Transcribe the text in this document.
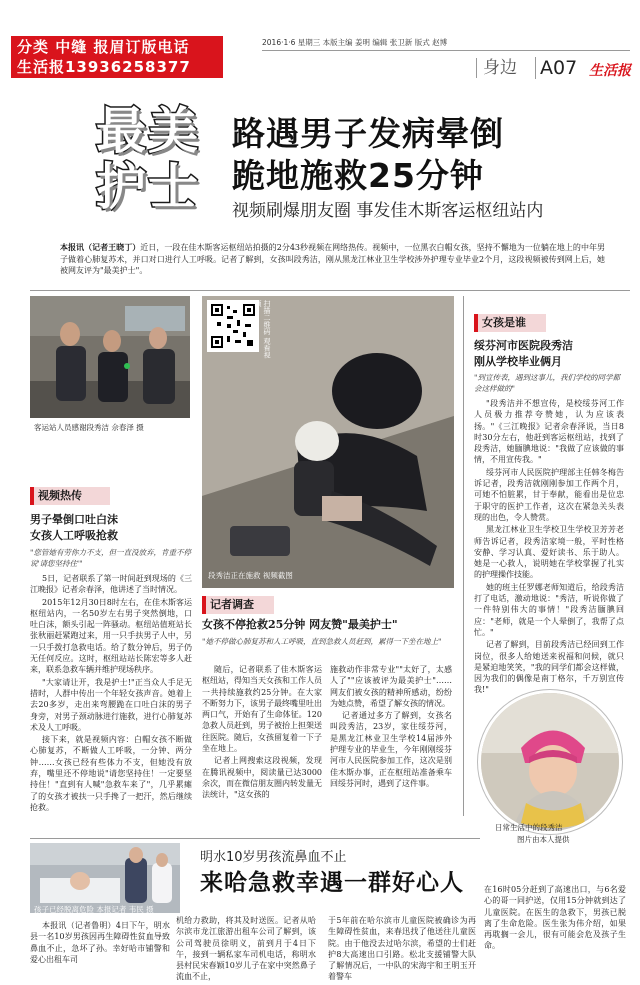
分类 中缝 报眉订版电话
生活报13936258377
2016·1·6 星期三 本版主编 姜明 编辑 张卫新 版式 赵博
身边 A07 生活报
最美护士
路遇男子发病晕倒
跪地施救25分钟
视频刷爆朋友圈 事发佳木斯客运枢纽站内
本报讯（记者王晓丁）近日，一段在佳木斯客运枢纽站拍摄的2分43秒视频在网络热传。视频中，一位黑衣白帽女孩，坚持不懈地为一位躺在地上的中年男子做着心肺复苏术，并口对口进行人工呼吸。记者了解到，女孩叫段秀洁，刚从黑龙江林业卫生学校涉外护理专业毕业2个月，这段视频被传到网上后，她被网友评为"最美护士"。
客运站人员感谢段秀洁 佘春泽 摄
视频热传
男子晕倒口吐白沫
女孩人工呼吸抢救
"您管她有劳你力不支，但一直没放弃，肯重不停说'请您坚持住'"

5日，记者联系了第一时间赶到现场的《三江晚报》记者佘春泽，他讲述了当时情况。

2015年12月30日8时左右，在佳木斯客运枢纽站内，一名50岁左右男子突然倒地，口吐白沫，额头引起一阵骚动。枢纽站值班站长张秋丽赶紧跑过来，用一只手扶男子人中，另一只手拨打急救电话。给了数分钟后，男子仍无任何反应。这时，枢纽站站长陈宏等多人赶来，联系急救车辆并维护现场秩序。

"大家请让开，我是护士!"正当众人手足无措时，人群中传出一个年轻女孩声音。她着上去20多岁，走出来弯腰跪在口吐白沫的男子身旁，对男子颈动脉进行施救，进行心肺复苏术及人工呼吸。

接下来，就是视频内容：白帽女孩不断做心肺复苏，不断做人工呼吸，一分钟、两分钟……女孩已经有些体力不支，但她没有放弃，嘴里还不停地说"请您坚持住！一定要坚持住！"直到有人喊"急救车来了"，几乎累瘫了的女孩才被扶一只手搀了一把汗，然后继续抢救。

扫描二维码 观看视频
段秀洁正在施救 视频截图
记者调查
女孩不停抢救25分钟 网友赞"最美护士"
"她不停做心肺复苏和人工呼吸，直到急救人员赶到，累得一下坐在地上"

随后，记者联系了佳木斯客运枢纽站，得知当天女孩和工作人员一共持续施救约25分钟。在大家不断努力下，该男子最终嘴里吐出两口气，开始有了生命体征。120急救人员赶到，男子被抬上担架送往医院。随后，女孩留复着一下子坐在地上。

记者上网搜索这段视频，发现在腾讯视频中，阅读量已达3000余次，而在微信朋友圈内转发量无法统计，"这女孩的

施救动作非常专业""太好了，太感人了""应该被评为最美护士"……网友们被女孩的精神所感动，纷纷为她点赞，希望了解女孩的情况。

记者通过多方了解到，女孩名叫段秀洁，23岁，家住绥芬河，是黑龙江林业卫生学校14届涉外护理专业的毕业生，今年刚刚绥芬河市人民医院参加工作，这次是别佳木斯办事，正在枢纽站准备乘车回绥芬河时，遇到了这件事。

女孩是谁
绥芬河市医院段秀洁
刚从学校毕业俩月
"到宣传表，遇到这事儿，我们学校的同学都会这样做的"

"段秀洁并不想宣传，是校绥芬河工作人员极力推荐夸赞她，认为应该表扬。"《三江晚报》记者佘春泽说，当日8时30分左右，他赶到客运枢纽站，找到了段秀洁，她腼腆地说："我做了应该做的事情，不用宣传我。"

绥芬河市人民医院护理部主任韩冬梅告诉记者，段秀洁就刚刚参加工作两个月，可她不怕脏累，甘于奉献，能看出是位忠于职守的医护工作者，这次在紧急关头表现的出色，令人赞赏。

黑龙江林业卫生学校卫生学校卫芳芳老师告诉记者，段秀洁家境一般，平时性格安静、学习认真、爱好读书、乐于助人。她是一心救人，说明她在学校掌握了扎实的护理操作技能。

她的班主任罗娜老师知道后，给段秀洁打了电话，激动地说："秀洁，听说你做了一件特别伟大的事情！"段秀洁腼腆回应："老师，就是一个人晕倒了，我帮了点忙。"

记者了解到，目前段秀洁已经回到工作岗位，很多人给她送来祝福和问候，就只是紧迫地笑笑，"我的同学们都会这样做，因为我们的偶像是南丁格尔，千万别宣传我!"

日常生活中的段秀洁
图片由本人提供
孩子已经脱离危险 本报记者 韦民 摄
明水10岁男孩流鼻血不止
来哈急救幸遇一群好心人

本报讯（记者鲁明）4日下午，明水县一名10岁男孩因再生障碍性贫血导致鼻血不止，急坏了孙。幸好哈市铺警和爱心出租车司

机给力救助，将其及时送医。记者从哈尔滨市龙江旅游出租车公司了解到，该公司驾驶员徐明义，前到月于4日下午，接到一辆私家车司机电话，称明水县村民宋春颖10岁儿子在家中突然鼻子流血不止，

于5年前在哈尔滨市儿童医院被确诊为再生障碍性贫血，来春迅找了他送往儿童医院。由于他没去过哈尔滨，希望的士们赶护8大高速出口引路。松北支援铺警大队了解情况后，一中队的宋海宇和王明玉开着警车

在16时05分赶到了高速出口，与6名爱心的哥一同护送，仅用15分钟就到达了儿童医院。在医生的急救下，男孩已脱离了生命危险。医生张为伟介绍，如果再耽搁一会儿，很有可能会危及孩子生命。
